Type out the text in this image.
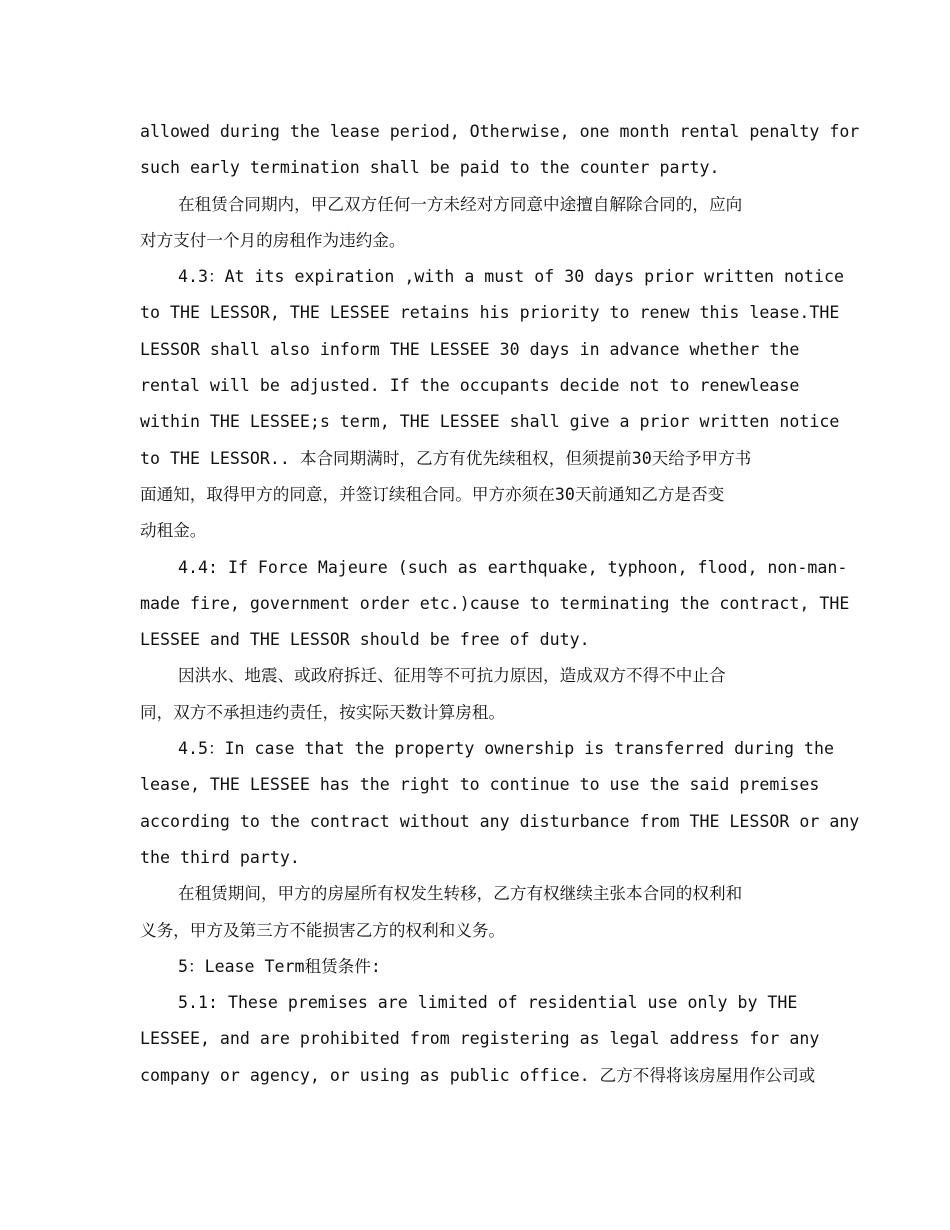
allowed during the lease period, Otherwise, one month rental penalty for
such early termination shall be paid to the counter party.
在租赁合同期内，甲乙双方任何一方未经对方同意中途擅自解除合同的，应向
对方支付一个月的房租作为违约金。
4.3：At its expiration ,with a must of 30 days prior written notice
to THE LESSOR, THE LESSEE retains his priority to renew this lease.THE
LESSOR shall also inform THE LESSEE 30 days in advance whether the
rental will be adjusted. If the occupants decide not to renewlease
within THE LESSEE;s term, THE LESSEE shall give a prior written notice
to THE LESSOR.. 本合同期满时，乙方有优先续租权，但须提前30天给予甲方书
面通知，取得甲方的同意，并签订续租合同。甲方亦须在30天前通知乙方是否变
动租金。
4.4: If Force Majeure (such as earthquake, typhoon, flood, non-man-
made fire, government order etc.)cause to terminating the contract, THE
LESSEE and THE LESSOR should be free of duty.
因洪水、地震、或政府拆迁、征用等不可抗力原因，造成双方不得不中止合
同，双方不承担违约责任，按实际天数计算房租。
4.5：In case that the property ownership is transferred during the
lease, THE LESSEE has the right to continue to use the said premises
according to the contract without any disturbance from THE LESSOR or any
the third party.
在租赁期间，甲方的房屋所有权发生转移，乙方有权继续主张本合同的权利和
义务，甲方及第三方不能损害乙方的权利和义务。
5：Lease Term租赁条件:
5.1: These premises are limited of residential use only by THE
LESSEE, and are prohibited from registering as legal address for any
company or agency, or using as public office. 乙方不得将该房屋用作公司或
